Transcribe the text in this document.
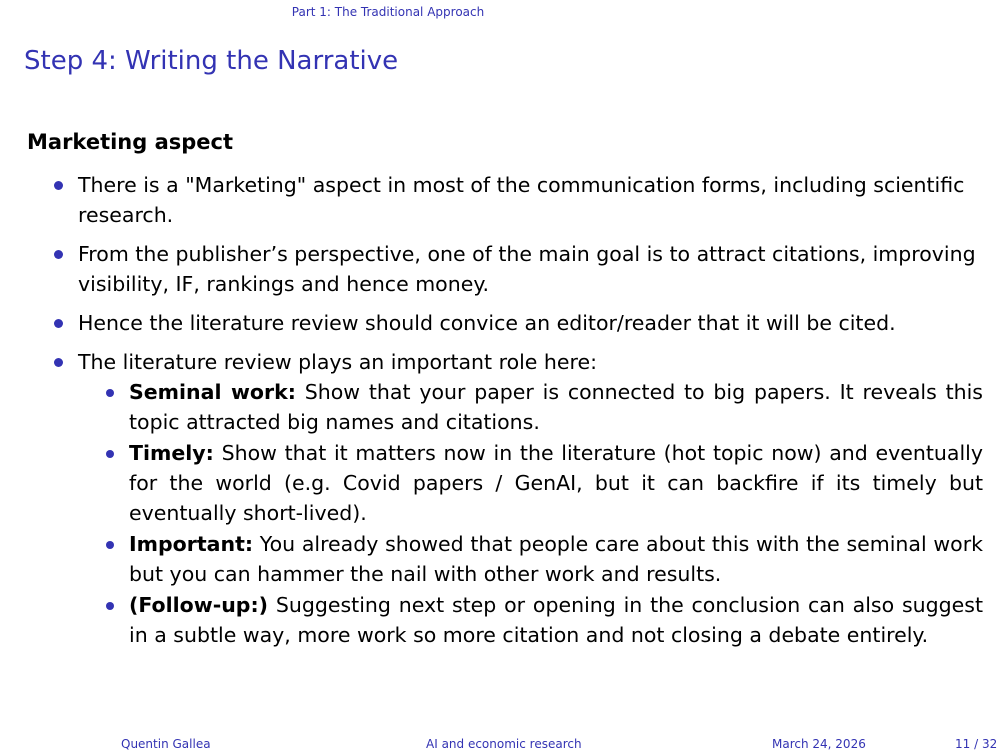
Part 1: The Traditional Approach
Step 4: Writing the Narrative
Marketing aspect
There is a "Marketing" aspect in most of the communication forms, including scientific research.
From the publisher’s perspective, one of the main goal is to attract citations, improving visibility, IF, rankings and hence money.
Hence the literature review should convice an editor/reader that it will be cited.
The literature review plays an important role here:
Seminal work: Show that your paper is connected to big papers. It reveals this topic attracted big names and citations.
Timely: Show that it matters now in the literature (hot topic now) and eventually for the world (e.g. Covid papers / GenAI, but it can backfire if its timely but eventually short-lived).
Important: You already showed that people care about this with the seminal work but you can hammer the nail with other work and results.
(Follow-up:) Suggesting next step or opening in the conclusion can also suggest in a subtle way, more work so more citation and not closing a debate entirely.
Quentin Gallea	AI and economic research	March 24, 2026	11 / 32
